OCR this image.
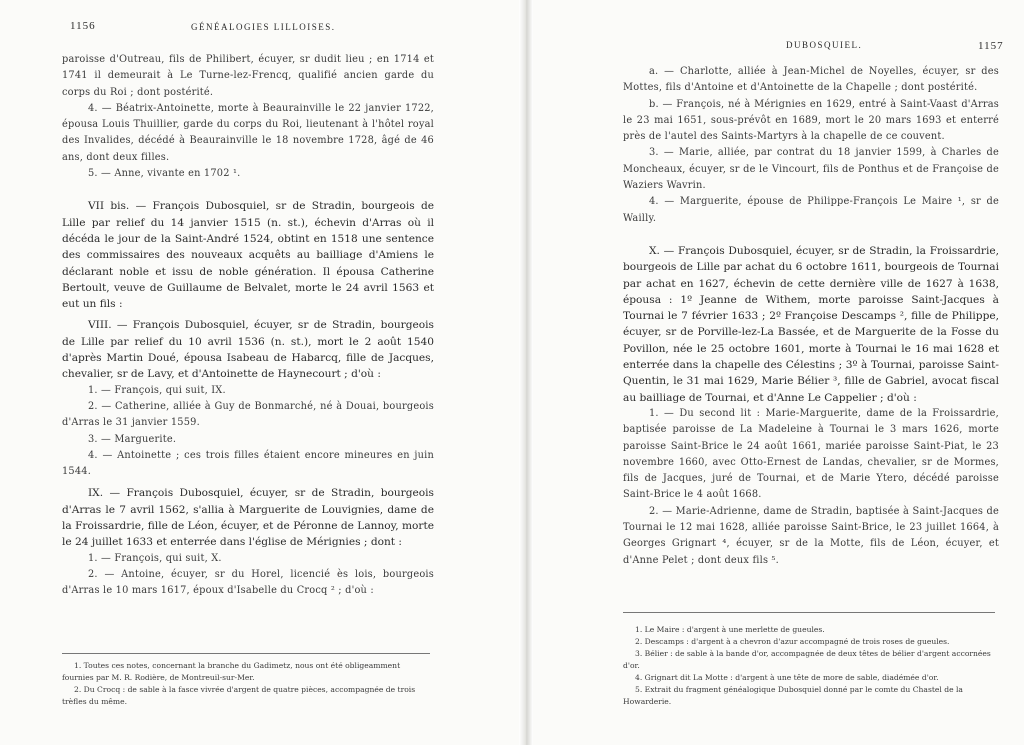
1156	GÉNÉALOGIES LILLOISES.

paroisse d'Outreau, fils de Philibert, écuyer, sr dudit lieu ; en 1714 et 1741 il demeurait à Le Turne-lez-Frencq, qualifié ancien garde du corps du Roi ; dont postérité.

4. — Béatrix-Antoinette, morte à Beaurainville le 22 janvier 1722, épousa Louis Thuillier, garde du corps du Roi, lieutenant à l'hôtel royal des Invalides, décédé à Beaurainville le 18 novembre 1728, âgé de 46 ans, dont deux filles.

5. — Anne, vivante en 1702 ¹.

VII bis. — François Dubosquiel, sr de Stradin, bourgeois de Lille par relief du 14 janvier 1515 (n. st.), échevin d'Arras où il décéda le jour de la Saint-André 1524, obtint en 1518 une sentence des commissaires des nouveaux acquêts au bailliage d'Amiens le déclarant noble et issu de noble génération. Il épousa Catherine Bertoult, veuve de Guillaume de Belvalet, morte le 24 avril 1563 et eut un fils :

VIII. — François Dubosquiel, écuyer, sr de Stradin, bourgeois de Lille par relief du 10 avril 1536 (n. st.), mort le 2 août 1540 d'après Martin Doué, épousa Isabeau de Habarcq, fille de Jacques, chevalier, sr de Lavy, et d'Antoinette de Haynecourt ; d'où :

1. — François, qui suit, IX.

2. — Catherine, alliée à Guy de Bonmarché, né à Douai, bourgeois d'Arras le 31 janvier 1559.

3. — Marguerite.

4. — Antoinette ; ces trois filles étaient encore mineures en juin 1544.

IX. — François Dubosquiel, écuyer, sr de Stradin, bourgeois d'Arras le 7 avril 1562, s'allia à Marguerite de Louvignies, dame de la Froissardrie, fille de Léon, écuyer, et de Péronne de Lannoy, morte le 24 juillet 1633 et enterrée dans l'église de Mérignies ; dont :

1. — François, qui suit, X.

2. — Antoine, écuyer, sr du Horel, licencié ès lois, bourgeois d'Arras le 10 mars 1617, époux d'Isabelle du Crocq ² ; d'où :

1. Toutes ces notes, concernant la branche du Gadimetz, nous ont été obligeamment fournies par M. R. Rodière, de Montreuil-sur-Mer.

2. Du Crocq : de sable à la fasce vivrée d'argent de quatre pièces, accompagnée de trois trèfles du même.

DUBOSQUIEL.	1157

a. — Charlotte, alliée à Jean-Michel de Noyelles, écuyer, sr des Mottes, fils d'Antoine et d'Antoinette de la Chapelle ; dont postérité.

b. — François, né à Mérignies en 1629, entré à Saint-Vaast d'Arras le 23 mai 1651, sous-prévôt en 1689, mort le 20 mars 1693 et enterré près de l'autel des Saints-Martyrs à la chapelle de ce couvent.

3. — Marie, alliée, par contrat du 18 janvier 1599, à Charles de Moncheaux, écuyer, sr de le Vincourt, fils de Ponthus et de Françoise de Waziers Wavrin.

4. — Marguerite, épouse de Philippe-François Le Maire ¹, sr de Wailly.

X. — François Dubosquiel, écuyer, sr de Stradin, la Froissardrie, bourgeois de Lille par achat du 6 octobre 1611, bourgeois de Tournai par achat en 1627, échevin de cette dernière ville de 1627 à 1638, épousa : 1º Jeanne de Withem, morte paroisse Saint-Jacques à Tournai le 7 février 1633 ; 2º Françoise Descamps ², fille de Philippe, écuyer, sr de Porville-lez-La Bassée, et de Marguerite de la Fosse du Povillon, née le 25 octobre 1601, morte à Tournai le 16 mai 1628 et enterrée dans la chapelle des Célestins ; 3º à Tournai, paroisse Saint-Quentin, le 31 mai 1629, Marie Bélier ³, fille de Gabriel, avocat fiscal au bailliage de Tournai, et d'Anne Le Cappelier ; d'où :

1. — Du second lit : Marie-Marguerite, dame de la Froissardrie, baptisée paroisse de La Madeleine à Tournai le 3 mars 1626, morte paroisse Saint-Brice le 24 août 1661, mariée paroisse Saint-Piat, le 23 novembre 1660, avec Otto-Ernest de Landas, chevalier, sr de Mormes, fils de Jacques, juré de Tournai, et de Marie Ytero, décédé paroisse Saint-Brice le 4 août 1668.

2. — Marie-Adrienne, dame de Stradin, baptisée à Saint-Jacques de Tournai le 12 mai 1628, alliée paroisse Saint-Brice, le 23 juillet 1664, à Georges Grignart ⁴, écuyer, sr de la Motte, fils de Léon, écuyer, et d'Anne Pelet ; dont deux fils ⁵.

1. Le Maire : d'argent à une merlette de gueules.

2. Descamps : d'argent à a chevron d'azur accompagné de trois roses de gueules.

3. Bélier : de sable à la bande d'or, accompagnée de deux têtes de bélier d'argent accornées d'or.

4. Grignart dit La Motte : d'argent à une tête de more de sable, diadémée d'or.

5. Extrait du fragment généalogique Dubosquiel donné par le comte du Chastel de la Howarderie.
